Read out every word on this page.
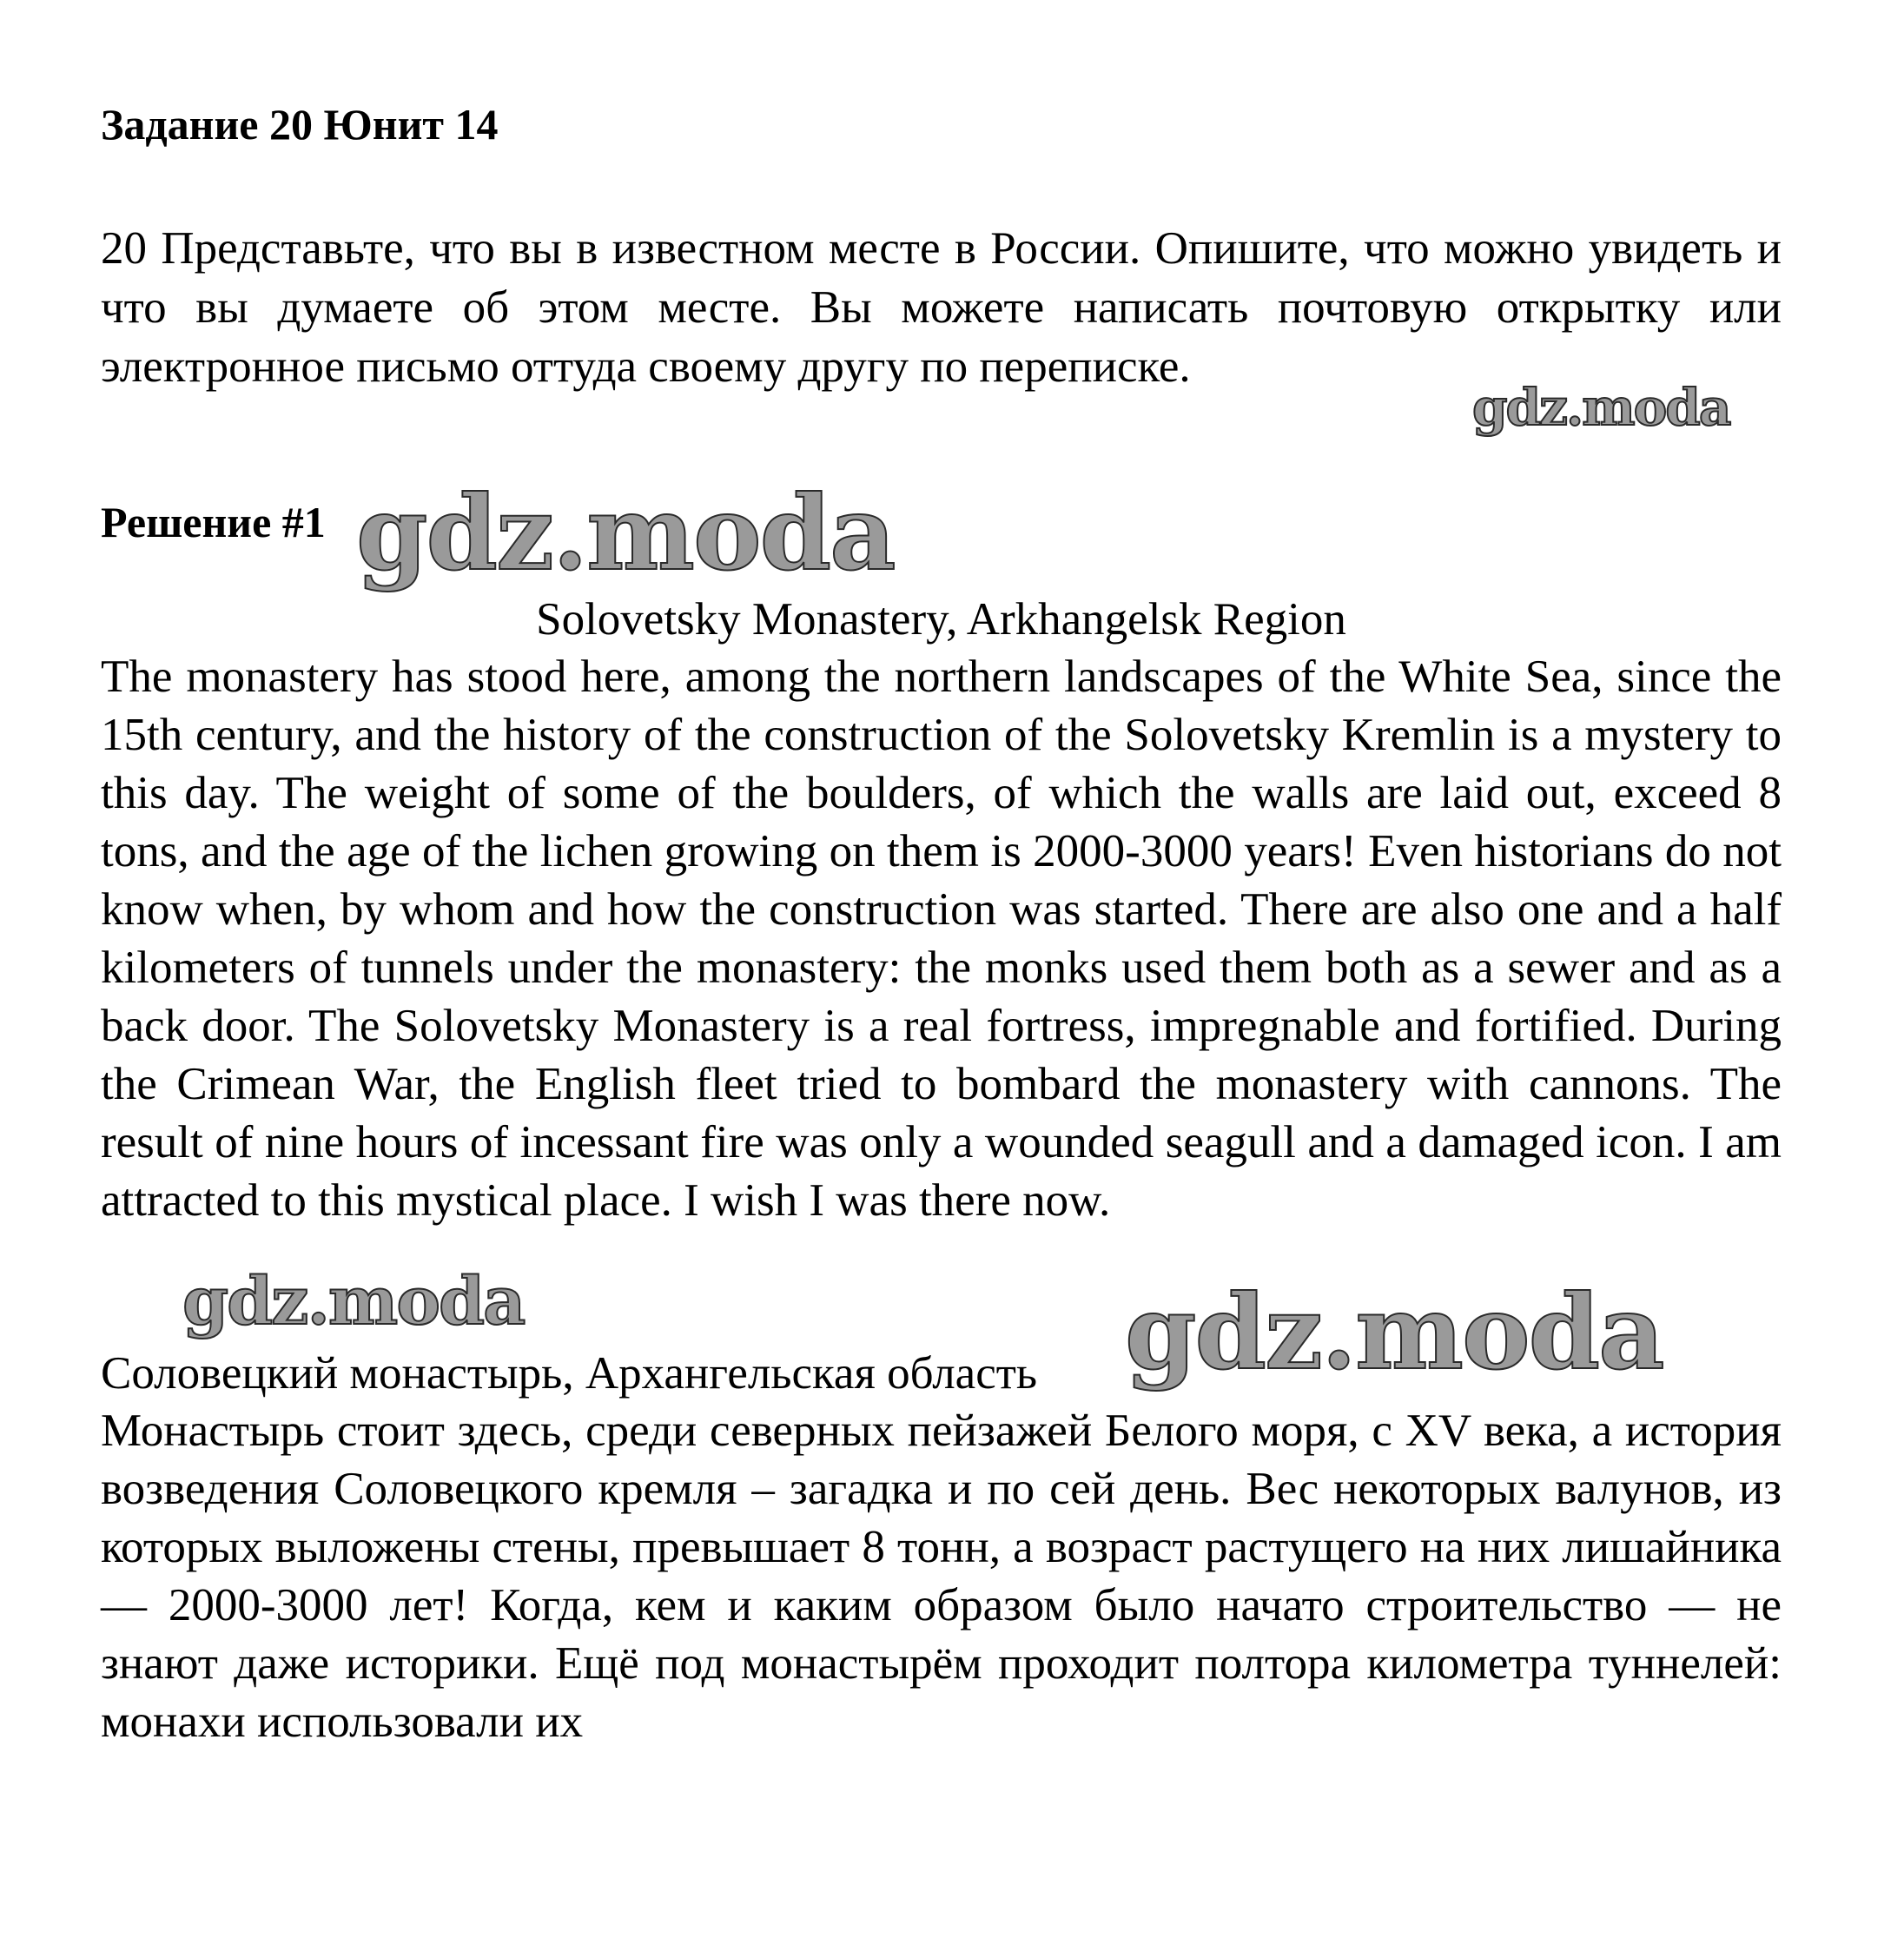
Задание 20 Юнит 14
20 Представьте, что вы в известном месте в России. Опишите, что можно увидеть и что вы думаете об этом месте. Вы можете написать почтовую открытку или электронное письмо оттуда своему другу по переписке.
Решение #1
Solovetsky Monastery, Arkhangelsk Region
The monastery has stood here, among the northern landscapes of the White Sea, since the 15th century, and the history of the construction of the Solovetsky Kremlin is a mystery to this day. The weight of some of the boulders, of which the walls are laid out, exceed 8 tons, and the age of the lichen growing on them is 2000-3000 years! Even historians do not know when, by whom and how the construction was started. There are also one and a half kilometers of tunnels under the monastery: the monks used them both as a sewer and as a back door. The Solovetsky Monastery is a real fortress, impregnable and fortified. During the Crimean War, the English fleet tried to bombard the monastery with cannons. The result of nine hours of incessant fire was only a wounded seagull and a damaged icon. I am attracted to this mystical place. I wish I was there now.
Соловецкий монастырь, Архангельская область
Монастырь стоит здесь, среди северных пейзажей Белого моря, с XV века, а история возведения Соловецкого кремля – загадка и по сей день. Вес некоторых валунов, из которых выложены стены, превышает 8 тонн, а возраст растущего на них лишайника — 2000-3000 лет! Когда, кем и каким образом было начато строительство — не знают даже историки. Ещё под монастырём проходит полтора километра туннелей: монахи использовали их
gdz.moda
gdz.moda
gdz.moda	gdz.moda
